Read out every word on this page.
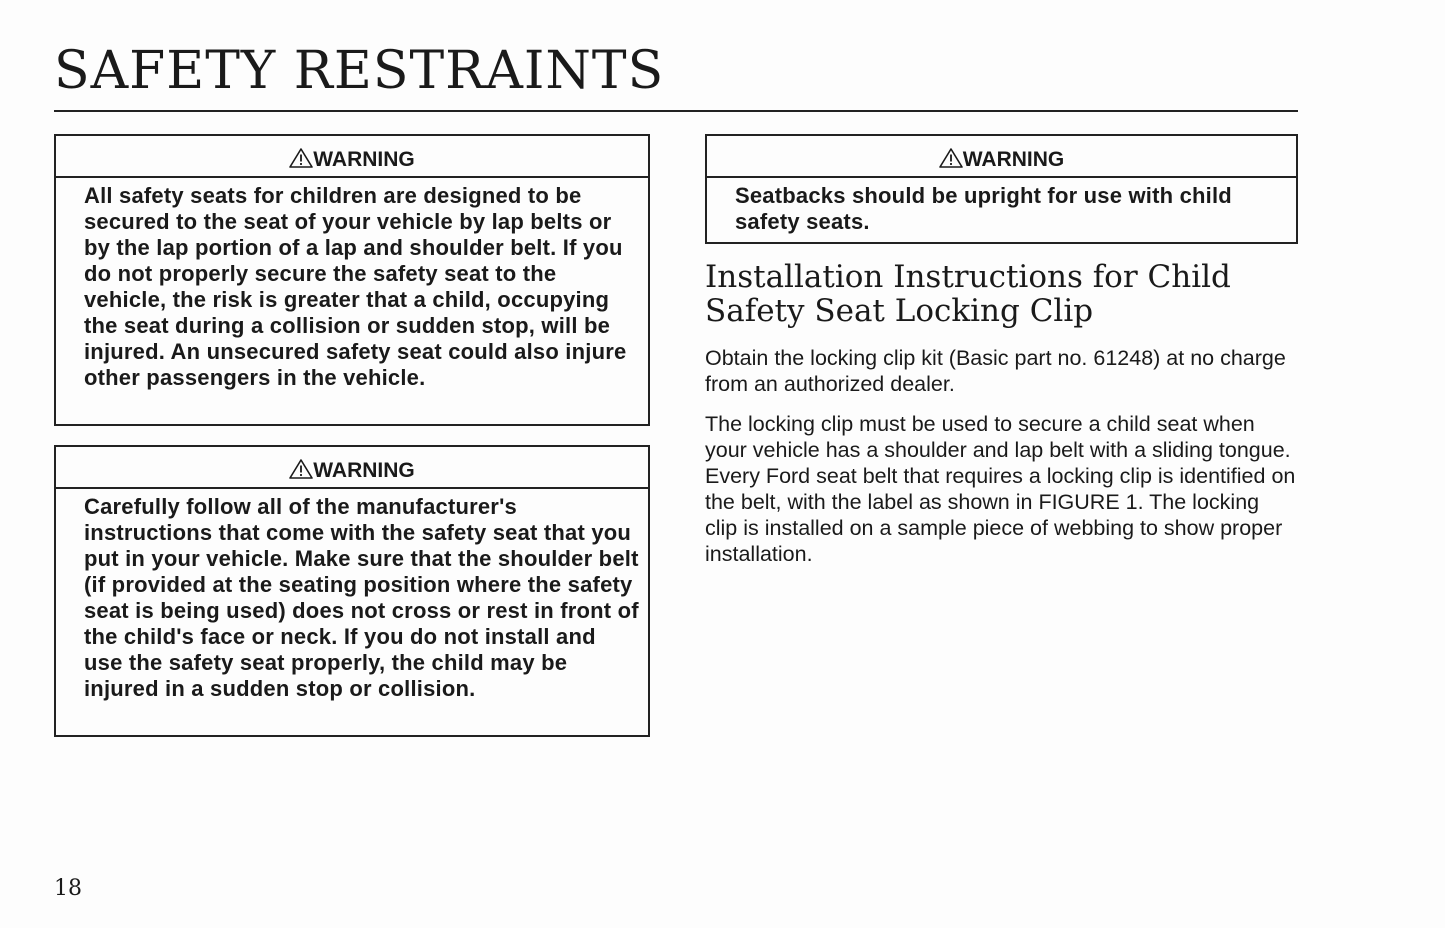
SAFETY RESTRAINTS
WARNING
All safety seats for children are designed to be secured to the seat of your vehicle by lap belts or by the lap portion of a lap and shoulder belt. If you do not properly secure the safety seat to the vehicle, the risk is greater that a child, occupying the seat during a collision or sudden stop, will be injured. An unsecured safety seat could also injure other passengers in the vehicle.
WARNING
Carefully follow all of the manufacturer's instructions that come with the safety seat that you put in your vehicle. Make sure that the shoulder belt (if provided at the seating position where the safety seat is being used) does not cross or rest in front of the child's face or neck. If you do not install and use the safety seat properly, the child may be injured in a sudden stop or collision.
WARNING
Seatbacks should be upright for use with child safety seats.
Installation Instructions for Child Safety Seat Locking Clip

Obtain the locking clip kit (Basic part no. 61248) at no charge from an authorized dealer.

The locking clip must be used to secure a child seat when your vehicle has a shoulder and lap belt with a sliding tongue. Every Ford seat belt that requires a locking clip is identified on the belt, with the label as shown in FIGURE 1. The locking clip is installed on a sample piece of webbing to show proper installation.

18
